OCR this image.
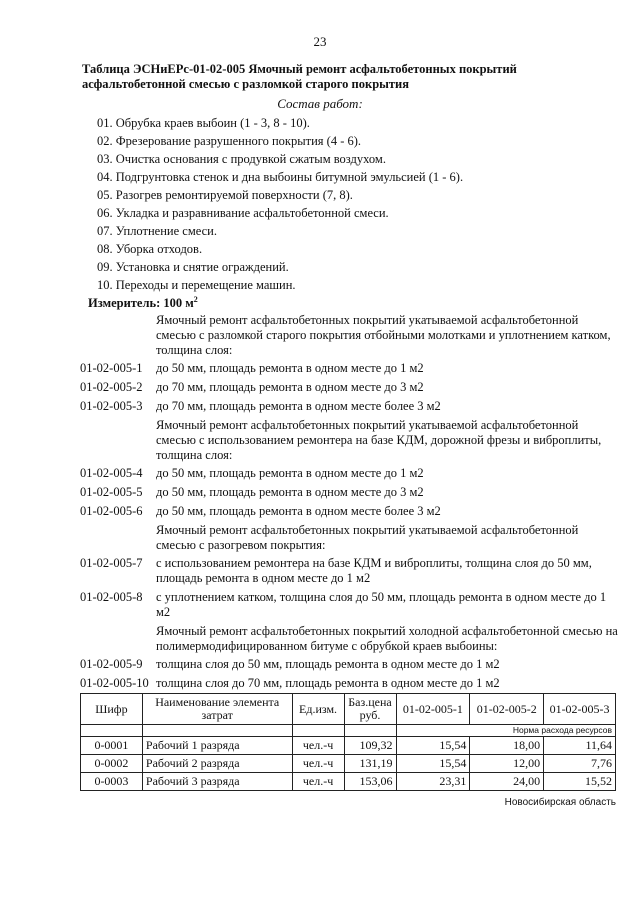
23
Таблица ЭСНиЕРс-01-02-005 Ямочный ремонт асфальтобетонных покрытий асфальтобетонной смесью с разломкой старого покрытия
Состав работ:
01. Обрубка краев выбоин (1 - 3, 8 - 10).
02. Фрезерование разрушенного покрытия (4 - 6).
03. Очистка основания с продувкой сжатым воздухом.
04. Подгрунтовка стенок и дна выбоины битумной эмульсией (1 - 6).
05. Разогрев ремонтируемой поверхности (7, 8).
06. Укладка и разравнивание асфальтобетонной смеси.
07. Уплотнение смеси.
08. Уборка отходов.
09. Установка и снятие ограждений.
10. Переходы и перемещение машин.
Измеритель: 100 $м^2$
Ямочный ремонт асфальтобетонных покрытий укатываемой асфальтобетонной смесью с разломкой старого покрытия отбойными молотками и уплотнением катком, толщина слоя:
01-02-005-1	до 50 мм, площадь ремонта в одном месте до 1 м2
01-02-005-2	до 70 мм, площадь ремонта в одном месте до 3 м2
01-02-005-3	до 70 мм, площадь ремонта в одном месте более 3 м2
Ямочный ремонт асфальтобетонных покрытий укатываемой асфальтобетонной смесью с использованием ремонтера на базе КДМ, дорожной фрезы и виброплиты, толщина слоя:
01-02-005-4	до 50 мм, площадь ремонта в одном месте до 1 м2
01-02-005-5	до 50 мм, площадь ремонта в одном месте до 3 м2
01-02-005-6	до 50 мм, площадь ремонта в одном месте более 3 м2
Ямочный ремонт асфальтобетонных покрытий укатываемой асфальтобетонной смесью с разогревом покрытия:
01-02-005-7	с использованием ремонтера на базе КДМ и виброплиты, толщина слоя до 50 мм, площадь ремонта в одном месте до 1 м2
01-02-005-8	с уплотнением катком, толщина слоя до 50 мм, площадь ремонта в одном месте до 1 м2
Ямочный ремонт асфальтобетонных покрытий холодной асфальтобетонной смесью на полимермодифицированном битуме с обрубкой краев выбоины:
01-02-005-9	толщина слоя до 50 мм, площадь ремонта в одном месте до 1 м2
01-02-005-10 толщина слоя до 70 мм, площадь ремонта в одном месте до 1 м2
Шифр	Наименование элемента затрат	Ед.изм.	Баз.цена руб.	01-02-005-1	01-02-005-2	01-02-005-3
				Норма расхода ресурсов		
0-0001	Рабочий 1 разряда	чел.-ч	109,32	15,54	18,00	11,64
0-0002	Рабочий 2 разряда	чел.-ч	131,19	15,54	12,00	7,76
0-0003	Рабочий 3 разряда	чел.-ч	153,06	23,31	24,00	15,52
Новосибирская область
